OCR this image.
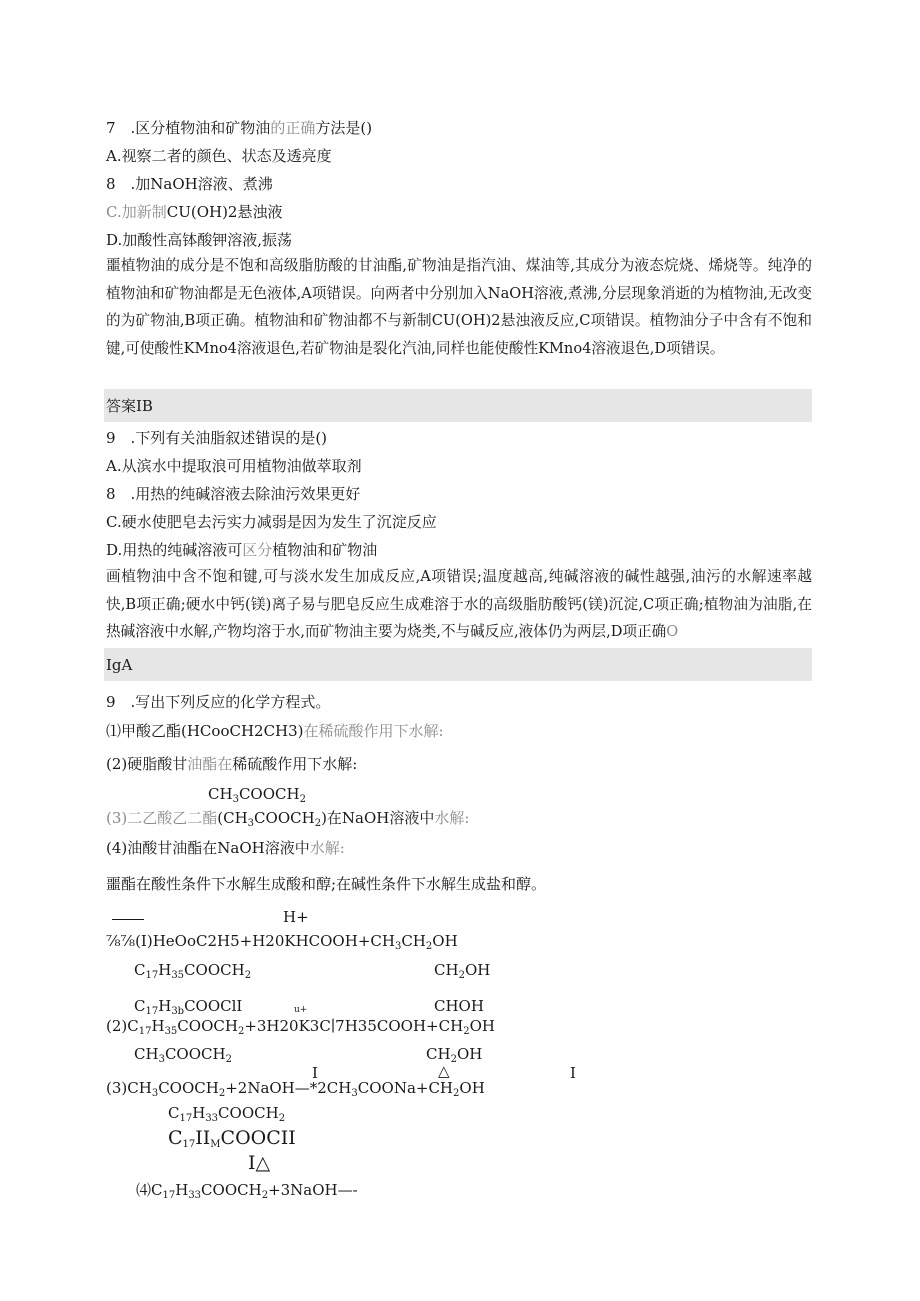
7　.区分植物油和矿物油的正确方法是()
A.视察二者的颜色、状态及透亮度
8　.加NaOH溶液、煮沸
C.加新制CU(OH)2悬浊液
D.加酸性高钵酸钾溶液,振荡
噩植物油的成分是不饱和高级脂肪酸的甘油酯,矿物油是指汽油、煤油等,其成分为液态烷烧、烯烧等。纯净的植物油和矿物油都是无色液体,A项错误。向两者中分别加入NaOH溶液,煮沸,分层现象消逝的为植物油,无改变的为矿物油,B项正确。植物油和矿物油都不与新制CU(OH)2悬浊液反应,C项错误。植物油分子中含有不饱和键,可使酸性KMno4溶液退色,若矿物油是裂化汽油,同样也能使酸性KMno4溶液退色,D项错误。
答案IB
9　.下列有关油脂叙述错误的是()
A.从滨水中提取浪可用植物油做萃取剂
8　.用热的纯碱溶液去除油污效果更好
C.硬水使肥皂去污实力减弱是因为发生了沉淀反应
D.用热的纯碱溶液可区分植物油和矿物油
画植物油中含不饱和键,可与淡水发生加成反应,A项错误;温度越高,纯碱溶液的碱性越强,油污的水解速率越快,B项正确;硬水中钙(镁)离子易与肥皂反应生成难溶于水的高级脂肪酸钙(镁)沉淀,C项正确;植物油为油脂,在热碱溶液中水解,产物均溶于水,而矿物油主要为烧类,不与碱反应,液体仍为两层,D项正确O
IgA
9　.写出下列反应的化学方程式。
⑴甲酸乙酯(HCooCH2CH3)在稀硫酸作用下水解:
(2)硬脂酸甘油酯在稀硫酸作用下水解:
$CH_3COOCH_2$
(3)二乙酸乙二酯$(CH_3COOCH_2)$在NaOH溶液中水解:
(4)油酸甘油酯在NaOH溶液中水解:
噩酯在酸性条件下水解生成酸和醇;在碱性条件下水解生成盐和醇。
H+
$\frac{7}{8}\frac{7}{8}(I)HeOoC2H5+H20KHCOOH+CH_3CH_2OH$
$C_{17}H_{35}COOCH_2$	$CH_2OH$
$C_{17}H_{3b}COOClI$	u+	CHOH
$(2)C_{17}H_{35}COOCH_2+3H20K3C∣7H35COOH+CH_2OH$
$CH_3COOCH_2$	$CH_2OH$
I	△	I
$(3)CH_3COOCH_2+2NaOH—*2CH_3COONa+CH_2OH$
$C_{17}H_{33}COOCH_2$
$C_{17}II_MCOOCII$
I△
$⑷C_{17}H_{33}COOCH_2+3NaOH—-$
